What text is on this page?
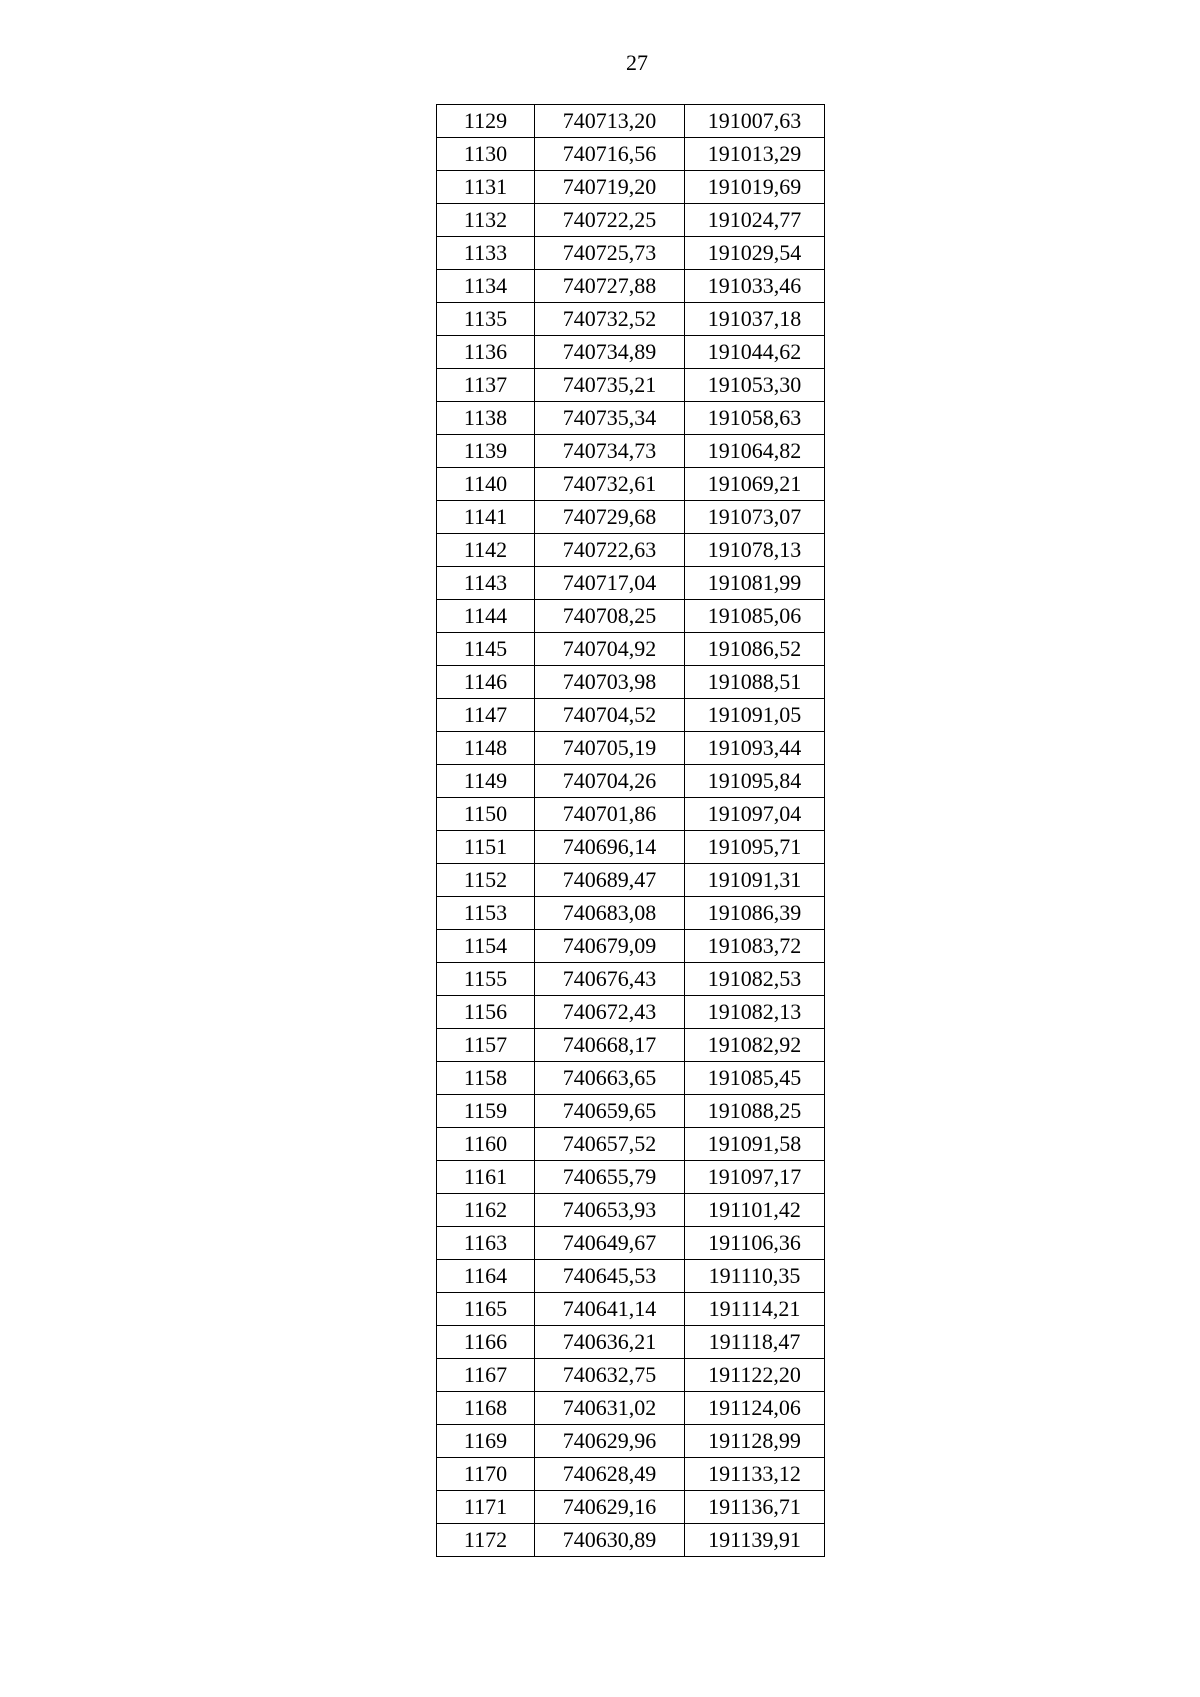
27
1129	740713,20	191007,63
1130	740716,56	191013,29
1131	740719,20	191019,69
1132	740722,25	191024,77
1133	740725,73	191029,54
1134	740727,88	191033,46
1135	740732,52	191037,18
1136	740734,89	191044,62
1137	740735,21	191053,30
1138	740735,34	191058,63
1139	740734,73	191064,82
1140	740732,61	191069,21
1141	740729,68	191073,07
1142	740722,63	191078,13
1143	740717,04	191081,99
1144	740708,25	191085,06
1145	740704,92	191086,52
1146	740703,98	191088,51
1147	740704,52	191091,05
1148	740705,19	191093,44
1149	740704,26	191095,84
1150	740701,86	191097,04
1151	740696,14	191095,71
1152	740689,47	191091,31
1153	740683,08	191086,39
1154	740679,09	191083,72
1155	740676,43	191082,53
1156	740672,43	191082,13
1157	740668,17	191082,92
1158	740663,65	191085,45
1159	740659,65	191088,25
1160	740657,52	191091,58
1161	740655,79	191097,17
1162	740653,93	191101,42
1163	740649,67	191106,36
1164	740645,53	191110,35
1165	740641,14	191114,21
1166	740636,21	191118,47
1167	740632,75	191122,20
1168	740631,02	191124,06
1169	740629,96	191128,99
1170	740628,49	191133,12
1171	740629,16	191136,71
1172	740630,89	191139,91
